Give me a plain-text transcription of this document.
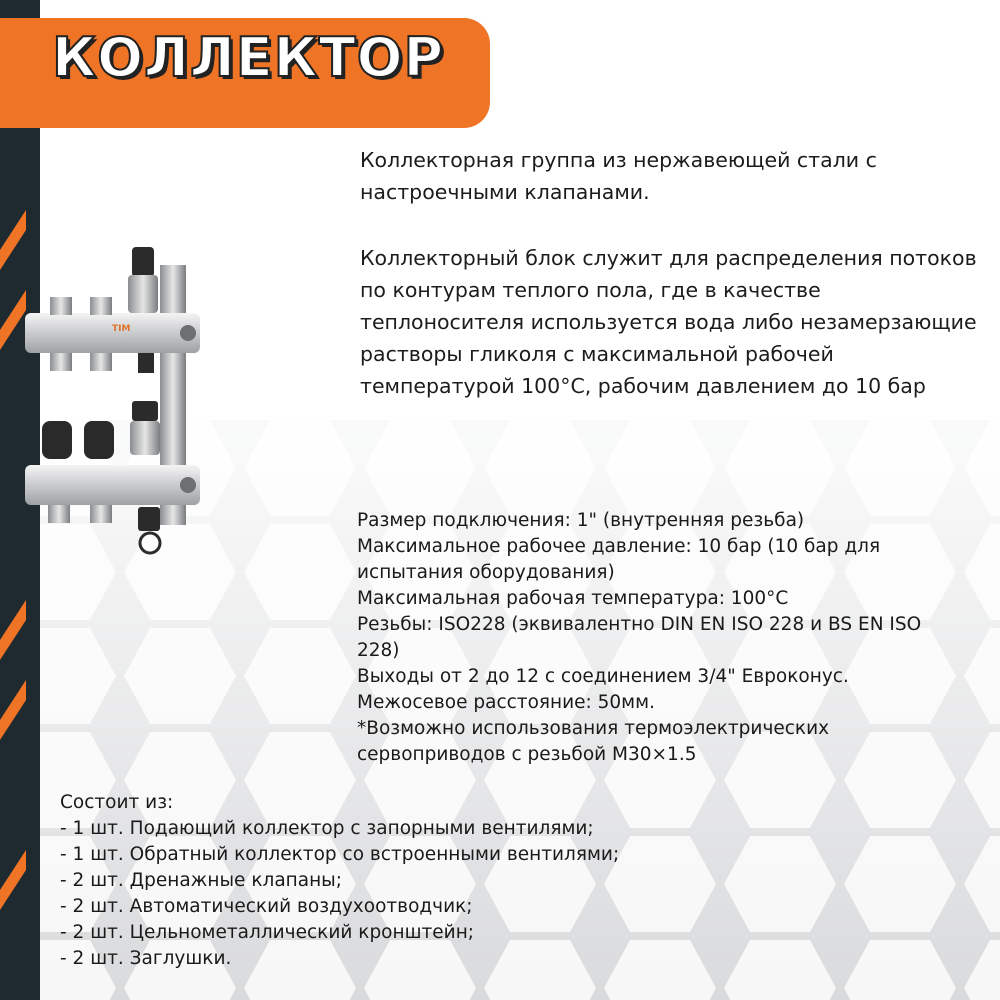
КОЛЛЕКТОР
TIM

Коллекторная группа из нержавеющей стали с настроечными клапанами.

Коллекторный блок служит для распределения потоков по контурам теплого пола, где в качестве теплоносителя используется вода либо незамерзающие растворы гликоля с максимальной рабочей температурой 100°С, рабочим давлением до 10 бар

Размер подключения: 1" (внутренняя резьба)
Максимальное рабочее давление: 10 бар (10 бар для испытания оборудования)
Максимальная рабочая температура: 100°С
Резьбы: ISO228 (эквивалентно DIN EN ISO 228 и BS EN ISO 228)
Выходы от 2 до 12 с соединением 3/4" Евроконус.
Межосевое расстояние: 50мм.
*Возможно использования термоэлектрических сервоприводов с резьбой М30×1.5
Состоит из:
- 1 шт. Подающий коллектор с запорными вентилями;
- 1 шт. Обратный коллектор со встроенными вентилями;
- 2 шт. Дренажные клапаны;
- 2 шт. Автоматический воздухоотводчик;
- 2 шт. Цельнометаллический кронштейн;
- 2 шт. Заглушки.
